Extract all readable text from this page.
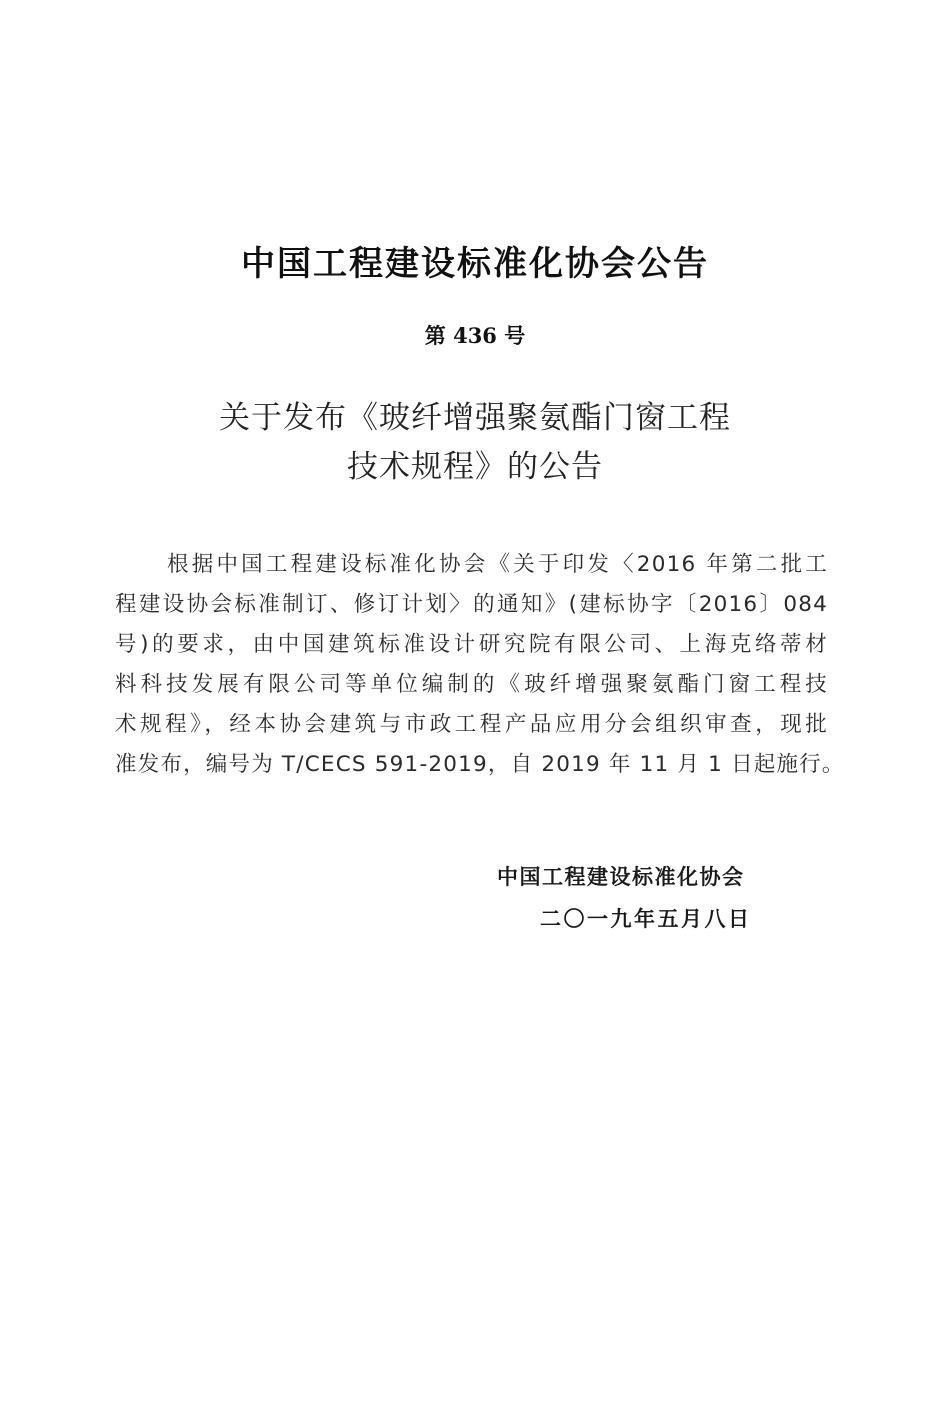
中国工程建设标准化协会公告
第 436 号
关于发布《玻纤增强聚氨酯门窗工程
技术规程》的公告
根据中国工程建设标准化协会《关于印发〈2016 年第二批工
程建设协会标准制订、修订计划〉的通知》(建标协字〔2016〕084
号)的要求，由中国建筑标准设计研究院有限公司、上海克络蒂材
料科技发展有限公司等单位编制的《玻纤增强聚氨酯门窗工程技
术规程》，经本协会建筑与市政工程产品应用分会组织审查，现批
准发布，编号为 T/CECS 591-2019，自 2019 年 11 月 1 日起施行。
中国工程建设标准化协会
二〇一九年五月八日
